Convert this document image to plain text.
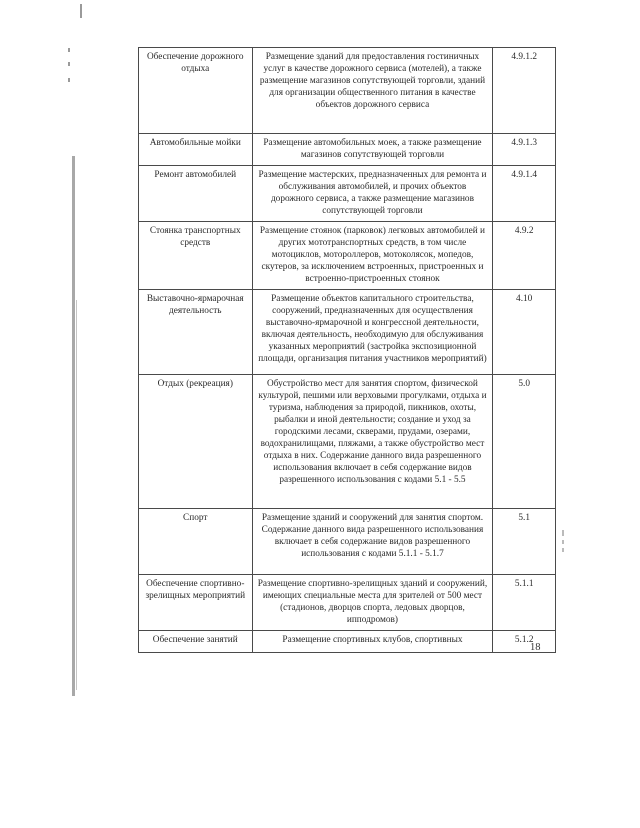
Обеспечение дорожного отдыха	Размещение зданий для предоставления гостиничных услуг в качестве дорожного сервиса (мотелей), а также размещение магазинов сопутствующей торговли, зданий для организации общественного питания в качестве объектов дорожного сервиса	4.9.1.2
Автомобильные мойки	Размещение автомобильных моек, а также размещение магазинов сопутствующей торговли	4.9.1.3
Ремонт автомобилей	Размещение мастерских, предназначенных для ремонта и обслуживания автомобилей, и прочих объектов дорожного сервиса, а также размещение магазинов сопутствующей торговли	4.9.1.4
Стоянка транспортных средств	Размещение стоянок (парковок) легковых автомобилей и других мототранспортных средств, в том числе мотоциклов, мотороллеров, мотоколясок, мопедов, скутеров, за исключением встроенных, пристроенных и встроенно-пристроенных стоянок	4.9.2
Выставочно-ярмарочная деятельность	Размещение объектов капитального строительства, сооружений, предназначенных для осуществления выставочно-ярмарочной и конгрессной деятельности, включая деятельность, необходимую для обслуживания указанных мероприятий (застройка экспозиционной площади, организация питания участников мероприятий)	4.10
Отдых (рекреация)	Обустройство мест для занятия спортом, физической культурой, пешими или верховыми прогулками, отдыха и туризма, наблюдения за природой, пикников, охоты, рыбалки и иной деятельности; создание и уход за городскими лесами, скверами, прудами, озерами, водохранилищами, пляжами, а также обустройство мест отдыха в них. Содержание данного вида разрешенного использования включает в себя содержание видов разрешенного использования с кодами 5.1 - 5.5	5.0
Спорт	Размещение зданий и сооружений для занятия спортом. Содержание данного вида разрешенного использования включает в себя содержание видов разрешенного использования с кодами 5.1.1 - 5.1.7	5.1
Обеспечение спортивно-зрелищных мероприятий	Размещение спортивно-зрелищных зданий и сооружений, имеющих специальные места для зрителей от 500 мест (стадионов, дворцов спорта, ледовых дворцов, ипподромов)	5.1.1
Обеспечение занятий	Размещение спортивных клубов, спортивных	5.1.2
18
